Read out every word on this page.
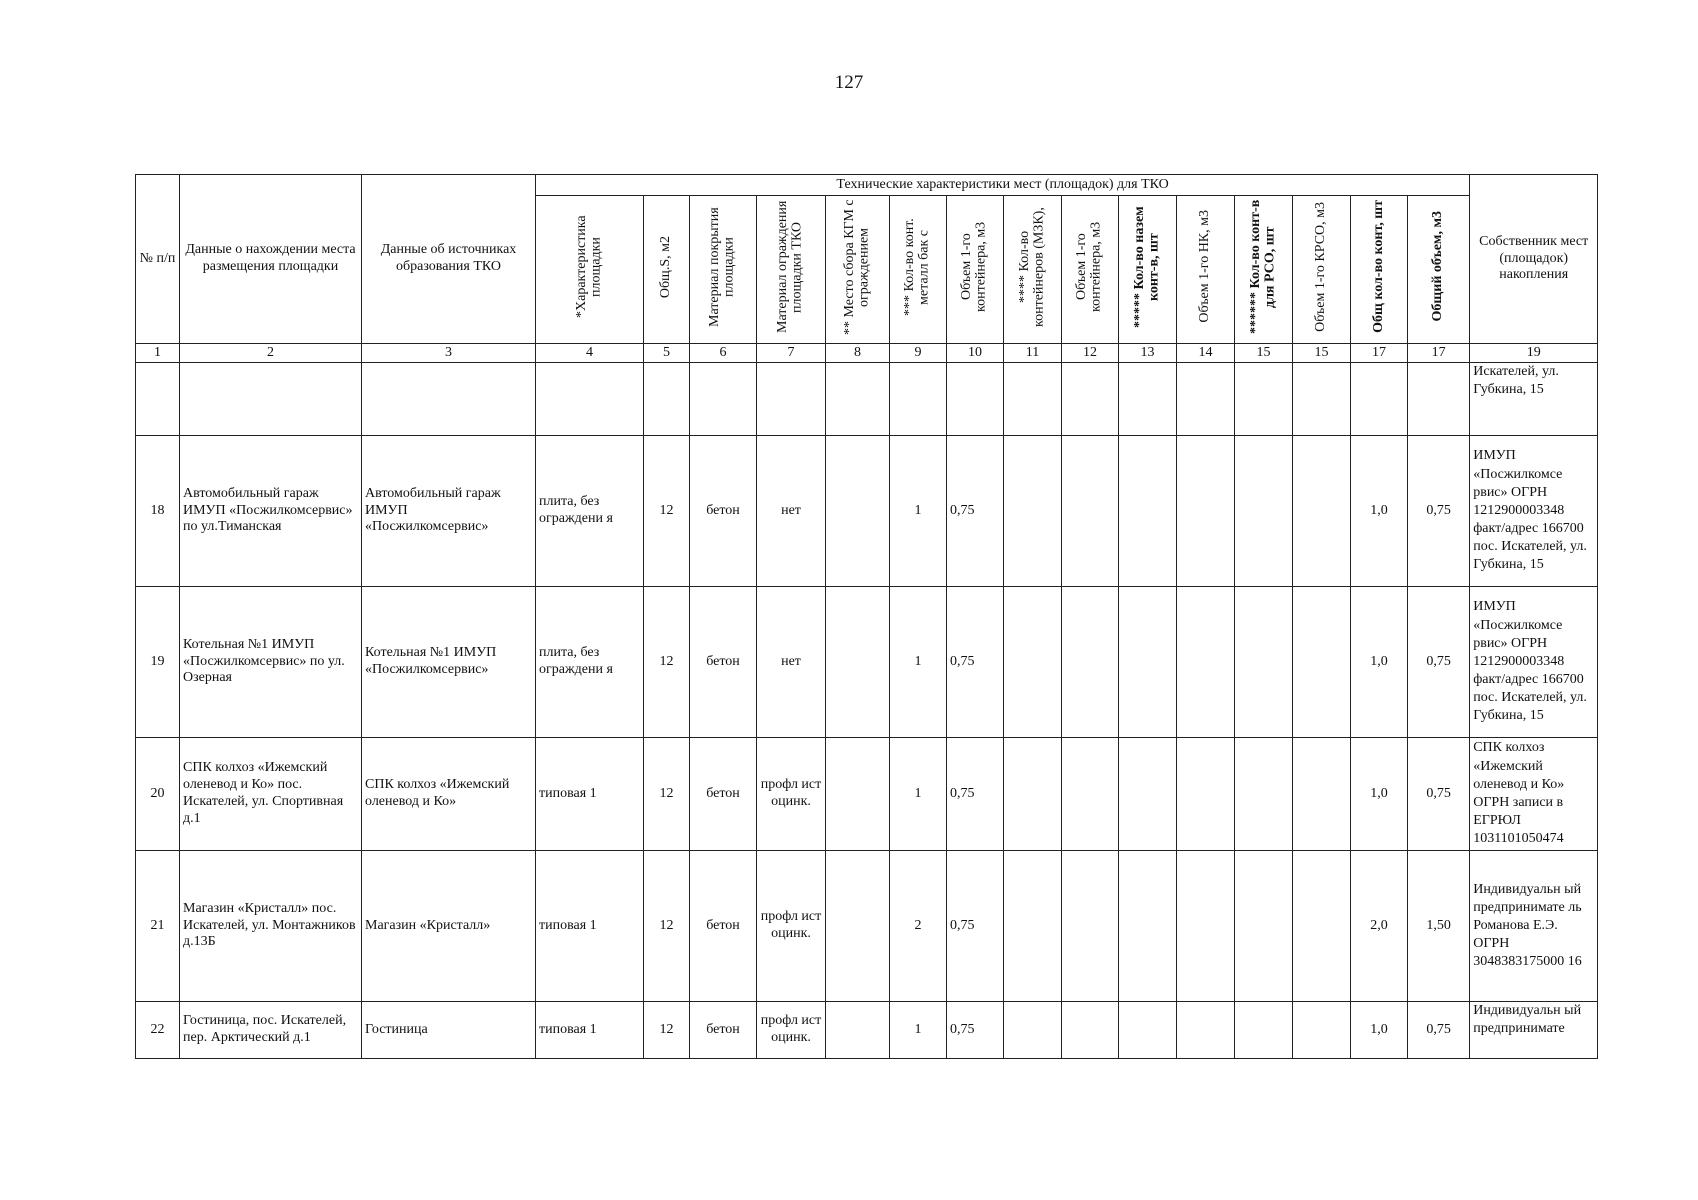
127
№ п/п	Данные о нахождении места размещения площадки	Данные об источниках образования ТКО	Технические характеристики мест (площадок) для ТКО															Собственник мест (площадок) накопления
			*Характеристика площадки	Общ.S, м2	Материал покрытия площадки	Материал ограждения площадки ТКО	** Место сбора КГМ с ограждением	*** Кол-во конт. металл бак с	Объем 1-го контейнера, м3	**** Кол-во контейнеров (МЗК),	Объем 1-го контейнера, м3	***** Кол-во назем конт-в, шт	Объем 1-го НК, м3	****** Кол-во конт-в для РСО, шт	Объем 1-го КРСО, м3	Общ кол-во конт, шт	Общий объем, м3	
1	2	3	4	5	6	7	8	9	10	11	12	13	14	15	15	17	17	19
																		Искателей, ул. Губкина, 15
18	Автомобильный гараж ИМУП «Посжилкомсервис» по ул.Тиманская	Автомобильный гараж ИМУП «Посжилкомсервис»	плита, без ограждени я	12	бетон	нет		1	0,75							1,0	0,75	ИМУП «Посжилкомсе рвис» ОГРН 1212900003348 факт/адрес 166700 пос. Искателей, ул. Губкина, 15
19	Котельная №1 ИМУП «Посжилкомсервис» по ул. Озерная	Котельная №1 ИМУП «Посжилкомсервис»	плита, без ограждени я	12	бетон	нет		1	0,75							1,0	0,75	ИМУП «Посжилкомсе рвис» ОГРН 1212900003348 факт/адрес 166700 пос. Искателей, ул. Губкина, 15
20	СПК колхоз «Ижемский оленевод и Ко» пос. Искателей, ул. Спортивная д.1	СПК колхоз «Ижемский оленевод и Ко»	типовая 1	12	бетон	профл ист оцинк.		1	0,75							1,0	0,75	СПК колхоз «Ижемский оленевод и Ко» ОГРН записи в ЕГРЮЛ 1031101050474
21	Магазин «Кристалл» пос. Искателей, ул. Монтажников д.13Б	Магазин «Кристалл»	типовая 1	12	бетон	профл ист оцинк.		2	0,75							2,0	1,50	Индивидуальн ый предпринимате ль Романова Е.Э. ОГРН 3048383175000 16
22	Гостиница, пос. Искателей, пер. Арктический д.1	Гостиница	типовая 1	12	бетон	профл ист оцинк.		1	0,75							1,0	0,75	Индивидуальн ый предпринимате
